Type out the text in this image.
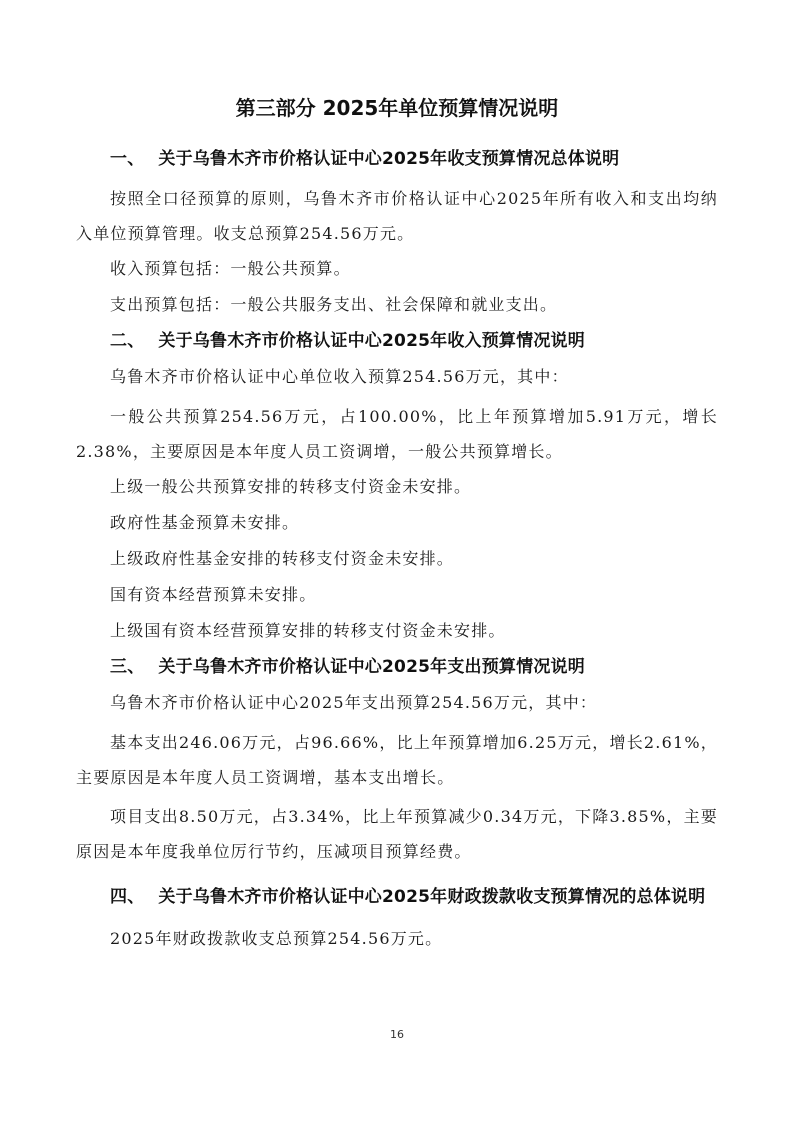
第三部分 2025年单位预算情况说明
一、 关于乌鲁木齐市价格认证中心2025年收支预算情况总体说明

按照全口径预算的原则，乌鲁木齐市价格认证中心2025年所有收入和支出均纳入单位预算管理。收支总预算254.56万元。

收入预算包括：一般公共预算。

支出预算包括：一般公共服务支出、社会保障和就业支出。

二、 关于乌鲁木齐市价格认证中心2025年收入预算情况说明

乌鲁木齐市价格认证中心单位收入预算254.56万元，其中：

一般公共预算254.56万元，占100.00%，比上年预算增加5.91万元，增长2.38%，主要原因是本年度人员工资调增，一般公共预算增长。

上级一般公共预算安排的转移支付资金未安排。

政府性基金预算未安排。

上级政府性基金安排的转移支付资金未安排。

国有资本经营预算未安排。

上级国有资本经营预算安排的转移支付资金未安排。

三、 关于乌鲁木齐市价格认证中心2025年支出预算情况说明

乌鲁木齐市价格认证中心2025年支出预算254.56万元，其中：

基本支出246.06万元，占96.66%，比上年预算增加6.25万元，增长2.61%，主要原因是本年度人员工资调增，基本支出增长。

项目支出8.50万元，占3.34%，比上年预算减少0.34万元，下降3.85%，主要原因是本年度我单位厉行节约，压减项目预算经费。

四、 关于乌鲁木齐市价格认证中心2025年财政拨款收支预算情况的总体说明

2025年财政拨款收支总预算254.56万元。

16
